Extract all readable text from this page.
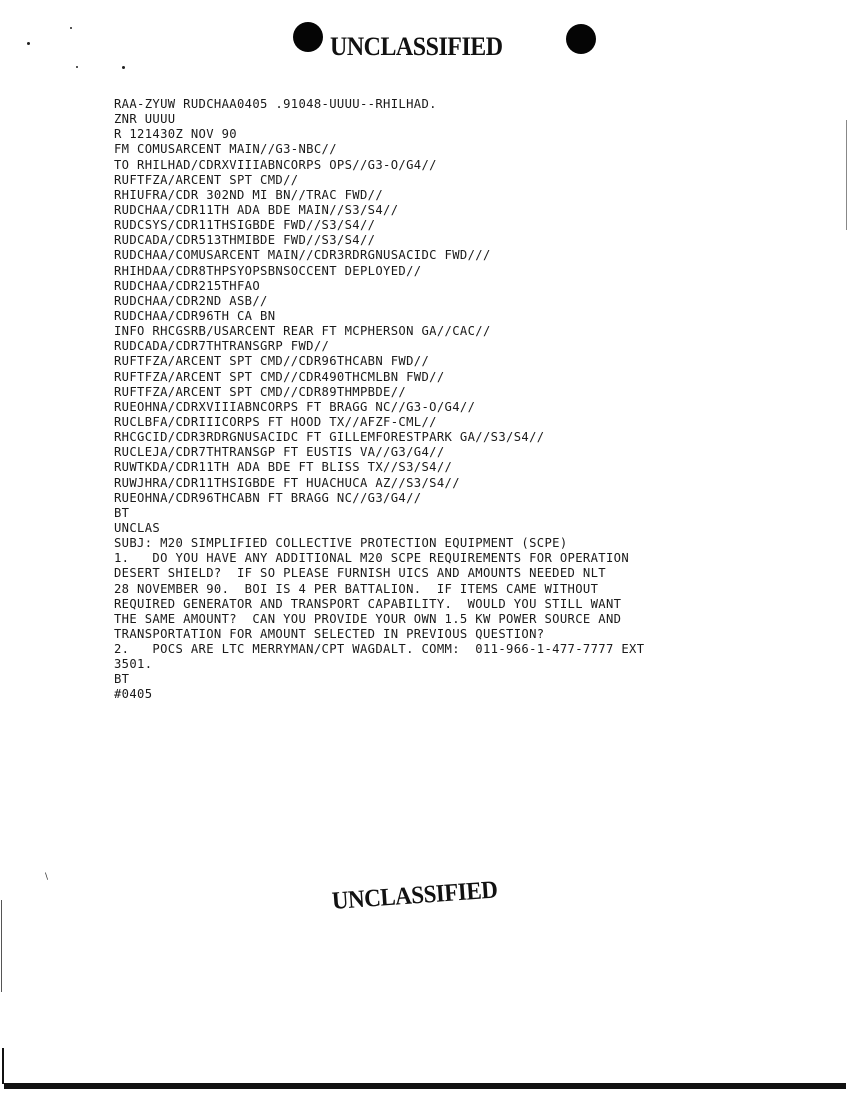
UNCLASSIFIED
RAA-ZYUW RUDCHAA0405 .91048-UUUU--RHILHAD.
ZNR UUUU
R 121430Z NOV 90
FM COMUSARCENT MAIN//G3-NBC//
TO RHILHAD/CDRXVIIIABNCORPS OPS//G3-O/G4//
RUFTFZA/ARCENT SPT CMD//
RHIUFRA/CDR 302ND MI BN//TRAC FWD//
RUDCHAA/CDR11TH ADA BDE MAIN//S3/S4//
RUDCSYS/CDR11THSIGBDE FWD//S3/S4//
RUDCADA/CDR513THMIBDE FWD//S3/S4//
RUDCHAA/COMUSARCENT MAIN//CDR3RDRGNUSACIDC FWD///
RHIHDAA/CDR8THPSYOPSBNSOCCENT DEPLOYED//
RUDCHAA/CDR215THFAO
RUDCHAA/CDR2ND ASB//
RUDCHAA/CDR96TH CA BN
INFO RHCGSRB/USARCENT REAR FT MCPHERSON GA//CAC//
RUDCADA/CDR7THTRANSGRP FWD//
RUFTFZA/ARCENT SPT CMD//CDR96THCABN FWD//
RUFTFZA/ARCENT SPT CMD//CDR490THCMLBN FWD//
RUFTFZA/ARCENT SPT CMD//CDR89THMPBDE//
RUEOHNA/CDRXVIIIABNCORPS FT BRAGG NC//G3-O/G4//
RUCLBFA/CDRIIICORPS FT HOOD TX//AFZF-CML//
RHCGCID/CDR3RDRGNUSACIDC FT GILLEMFORESTPARK GA//S3/S4//
RUCLEJA/CDR7THTRANSGP FT EUSTIS VA//G3/G4//
RUWTKDA/CDR11TH ADA BDE FT BLISS TX//S3/S4//
RUWJHRA/CDR11THSIGBDE FT HUACHUCA AZ//S3/S4//
RUEOHNA/CDR96THCABN FT BRAGG NC//G3/G4//
BT
UNCLAS
SUBJ: M20 SIMPLIFIED COLLECTIVE PROTECTION EQUIPMENT (SCPE)
1.   DO YOU HAVE ANY ADDITIONAL M20 SCPE REQUIREMENTS FOR OPERATION
DESERT SHIELD?  IF SO PLEASE FURNISH UICS AND AMOUNTS NEEDED NLT
28 NOVEMBER 90.  BOI IS 4 PER BATTALION.  IF ITEMS CAME WITHOUT
REQUIRED GENERATOR AND TRANSPORT CAPABILITY.  WOULD YOU STILL WANT
THE SAME AMOUNT?  CAN YOU PROVIDE YOUR OWN 1.5 KW POWER SOURCE AND
TRANSPORTATION FOR AMOUNT SELECTED IN PREVIOUS QUESTION?
2.   POCS ARE LTC MERRYMAN/CPT WAGDALT. COMM:  011-966-1-477-7777 EXT
3501.
BT
#0405
\	UNCLASSIFIED
